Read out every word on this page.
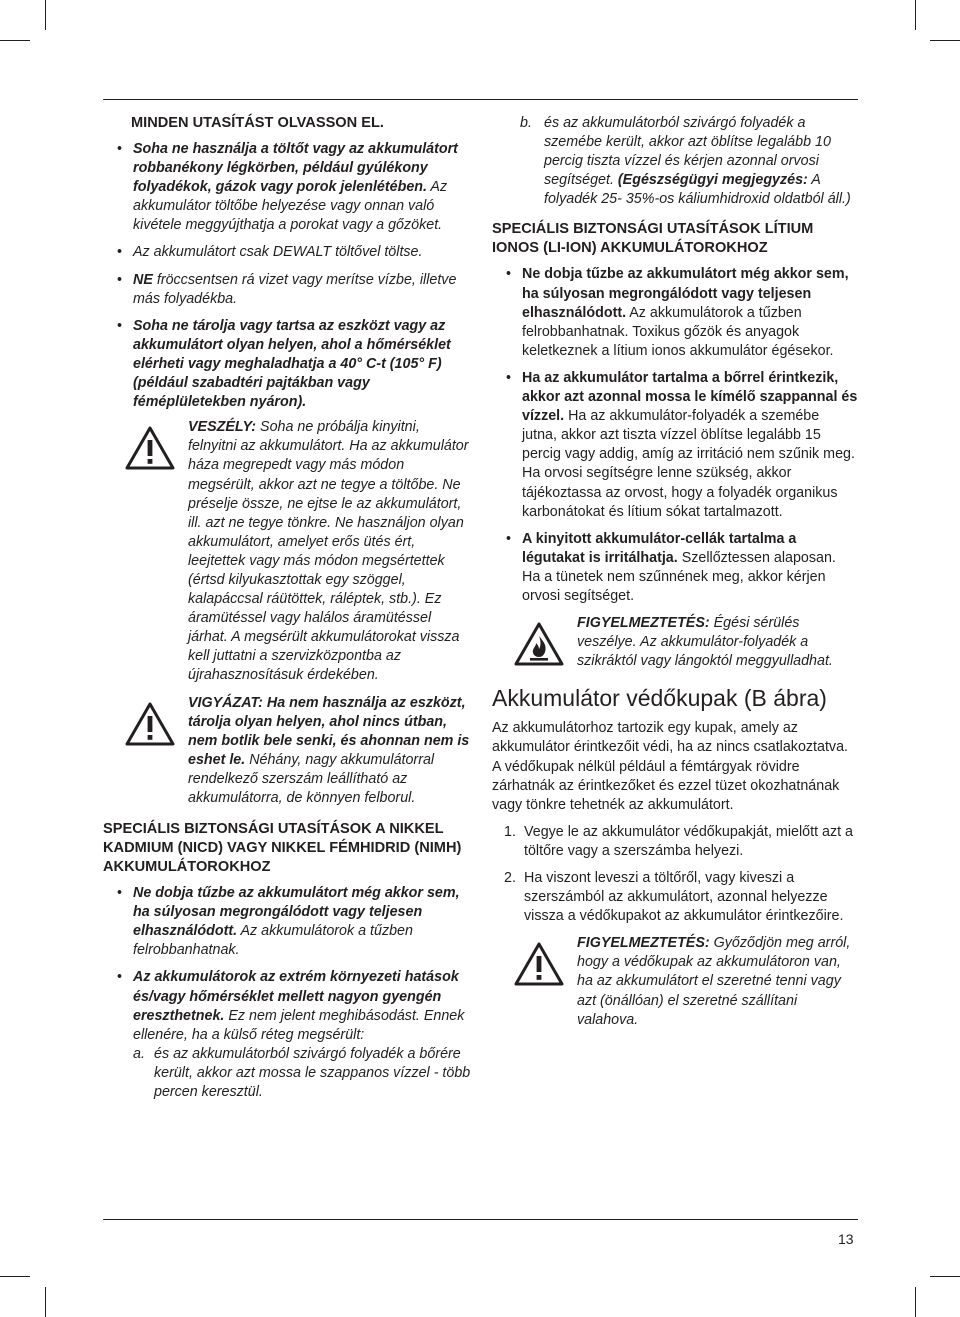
MINDEN UTASÍTÁST OLVASSON EL.

• Soha ne használja a töltőt vagy az akkumulátort robbanékony légkörben, például gyúlékony folyadékok, gázok vagy porok jelenlétében. Az akkumulátor töltőbe helyezése vagy onnan való kivétele meggyújthatja a porokat vagy a gőzöket.
• Az akkumulátort csak DEWALT töltővel töltse.
• NE fröccsentsen rá vizet vagy merítse vízbe, illetve más folyadékba.
• Soha ne tárolja vagy tartsa az eszközt vagy az akkumulátort olyan helyen, ahol a hőmérséklet elérheti vagy meghaladhatja a 40° C-t (105° F) (például szabadtéri pajtákban vagy féméplületekben nyáron).
VESZÉLY: Soha ne próbálja kinyitni, felnyitni az akkumulátort. Ha az akkumulátor háza megrepedt vagy más módon megsérült, akkor azt ne tegye a töltőbe. Ne préselje össze, ne ejtse le az akkumulátort, ill. azt ne tegye tönkre. Ne használjon olyan akkumulátort, amelyet erős ütés ért, leejtettek vagy más módon megsértettek (értsd kilyukasztottak egy szöggel, kalapáccsal ráütöttek, ráléptek, stb.). Ez áramütéssel vagy halálos áramütéssel járhat. A megsérült akkumulátorokat vissza kell juttatni a szervizközpontba az újrahasznosításuk érdekében.
VIGYÁZAT: Ha nem használja az eszközt, tárolja olyan helyen, ahol nincs útban, nem botlik bele senki, és ahonnan nem is eshet le. Néhány, nagy akkumulátorral rendelkező szerszám leállítható az akkumulátorra, de könnyen felborul.

SPECIÁLIS BIZTONSÁGI UTASÍTÁSOK A NIKKEL KADMIUM (NICD) VAGY NIKKEL FÉMHIDRID (NIMH) AKKUMULÁTOROKHOZ

• Ne dobja tűzbe az akkumulátort még akkor sem, ha súlyosan megrongálódott vagy teljesen elhasználódott. Az akkumulátorok a tűzben felrobbanhatnak.
• Az akkumulátorok az extrém környezeti hatások és/vagy hőmérséklet mellett nagyon gyengén ereszthetnek. Ez nem jelent meghibásodást. Ennek ellenére, ha a külső réteg megsérült:
a. és az akkumulátorból szivárgó folyadék a bőrére került, akkor azt mossa le szappanos vízzel - több percen keresztül.
b. és az akkumulátorból szivárgó folyadék a szemébe került, akkor azt öblítse legalább 10 percig tiszta vízzel és kérjen azonnal orvosi segítséget. (Egészségügyi megjegyzés: A folyadék 25- 35%-os káliumhidroxid oldatból áll.)

SPECIÁLIS BIZTONSÁGI UTASÍTÁSOK LÍTIUM IONOS (LI-ION) AKKUMULÁTOROKHOZ

• Ne dobja tűzbe az akkumulátort még akkor sem, ha súlyosan megrongálódott vagy teljesen elhasználódott. Az akkumulátorok a tűzben felrobbanhatnak. Toxikus gőzök és anyagok keletkeznek a lítium ionos akkumulátor égésekor.
• Ha az akkumulátor tartalma a bőrrel érintkezik, akkor azt azonnal mossa le kímélő szappannal és vízzel. Ha az akkumulátor-folyadék a szemébe jutna, akkor azt tiszta vízzel öblítse legalább 15 percig vagy addig, amíg az irritáció nem szűnik meg. Ha orvosi segítségre lenne szükség, akkor tájékoztassa az orvost, hogy a folyadék organikus karbonátokat és lítium sókat tartalmazott.
• A kinyitott akkumulátor-cellák tartalma a légutakat is irritálhatja. Szellőztessen alaposan. Ha a tünetek nem szűnnének meg, akkor kérjen orvosi segítséget.
FIGYELMEZTETÉS: Égési sérülés veszélye. Az akkumulátor-folyadék a szikráktól vagy lángoktól meggyulladhat.
Akkumulátor védőkupak (B ábra)

Az akkumulátorhoz tartozik egy kupak, amely az akkumulátor érintkezőit védi, ha az nincs csatlakoztatva. A védőkupak nélkül például a fémtárgyak rövidre zárhatnák az érintkezőket és ezzel tüzet okozhatnának vagy tönkre tehetnék az akkumulátort.

1. Vegye le az akkumulátor védőkupakját, mielőtt azt a töltőre vagy a szerszámba helyezi.
2. Ha viszont leveszi a töltőről, vagy kiveszi a szerszámból az akkumulátort, azonnal helyezze vissza a védőkupakot az akkumulátor érintkezőire.
FIGYELMEZTETÉS: Győződjön meg arról, hogy a védőkupak az akkumulátoron van, ha az akkumulátort el szeretné tenni vagy azt (önállóan) el szeretné szállítani valahova.
13
